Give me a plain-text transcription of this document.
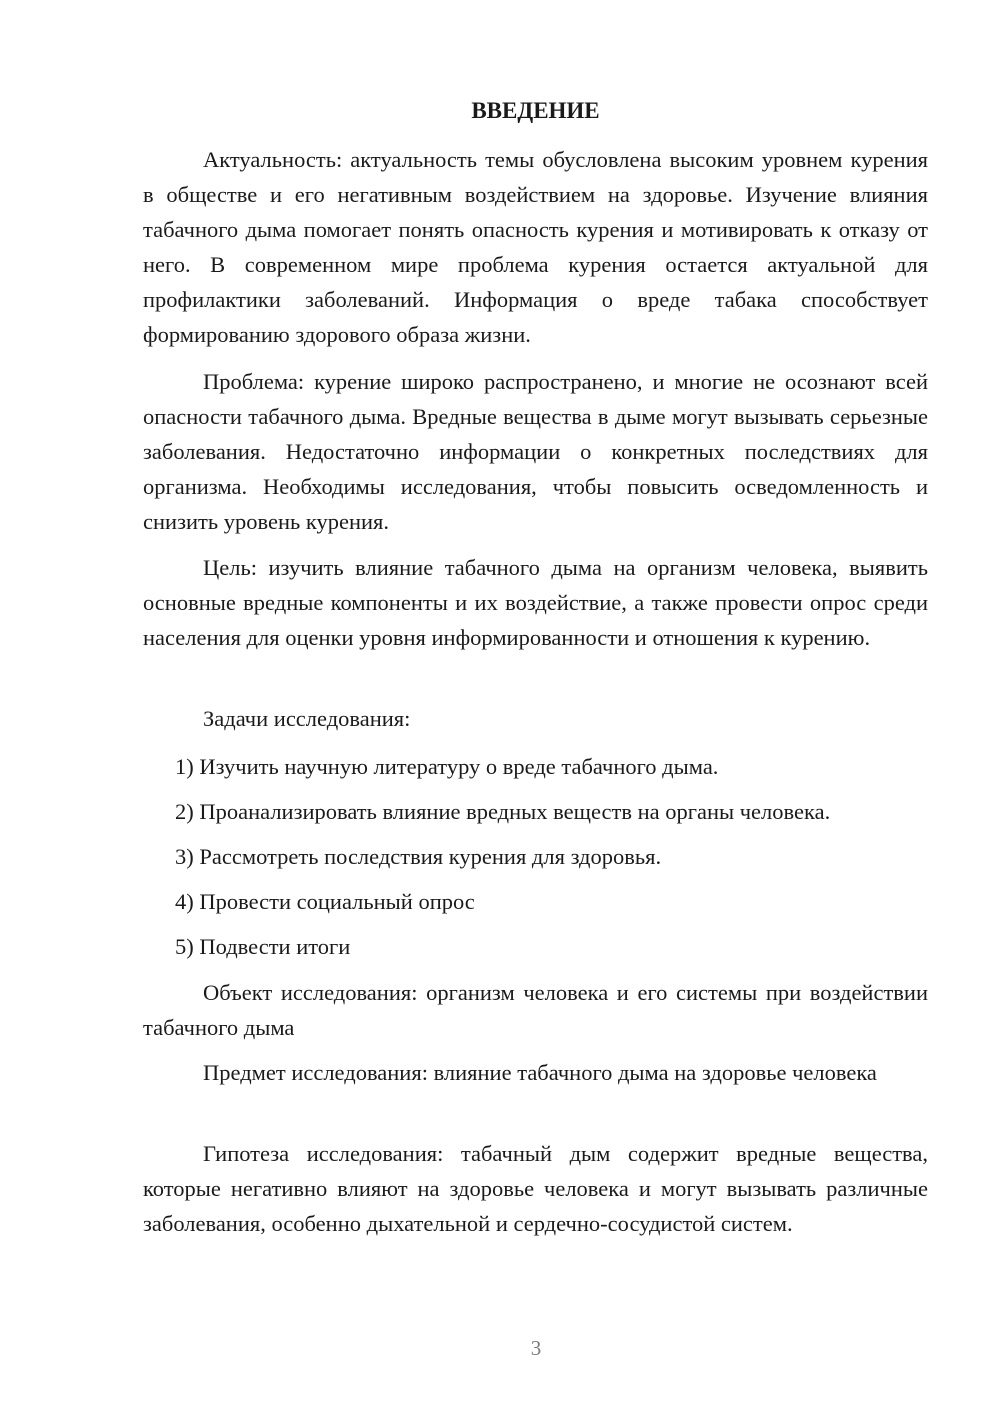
ВВЕДЕНИЕ

Актуальность: актуальность темы обусловлена высоким уровнем курения в обществе и его негативным воздействием на здоровье. Изучение влияния табачного дыма помогает понять опасность курения и мотивировать к отказу от него. В современном мире проблема курения остается актуальной для профилактики заболеваний. Информация о вреде табака способствует формированию здорового образа жизни.

Проблема: курение широко распространено, и многие не осознают всей опасности табачного дыма. Вредные вещества в дыме могут вызывать серьезные заболевания. Недостаточно информации о конкретных последствиях для организма. Необходимы исследования, чтобы повысить осведомленность и снизить уровень курения.

Цель: изучить влияние табачного дыма на организм человека, выявить основные вредные компоненты и их воздействие, а также провести опрос среди населения для оценки уровня информированности и отношения к курению.

Задачи исследования:

1) Изучить научную литературу о вреде табачного дыма.

2) Проанализировать влияние вредных веществ на органы человека.

3) Рассмотреть последствия курения для здоровья.

4) Провести социальный опрос

5) Подвести итоги

Объект исследования: организм человека и его системы при воздействии табачного дыма

Предмет исследования: влияние табачного дыма на здоровье человека

Гипотеза исследования: табачный дым содержит вредные вещества, которые негативно влияют на здоровье человека и могут вызывать различные заболевания, особенно дыхательной и сердечно-сосудистой систем.

3
